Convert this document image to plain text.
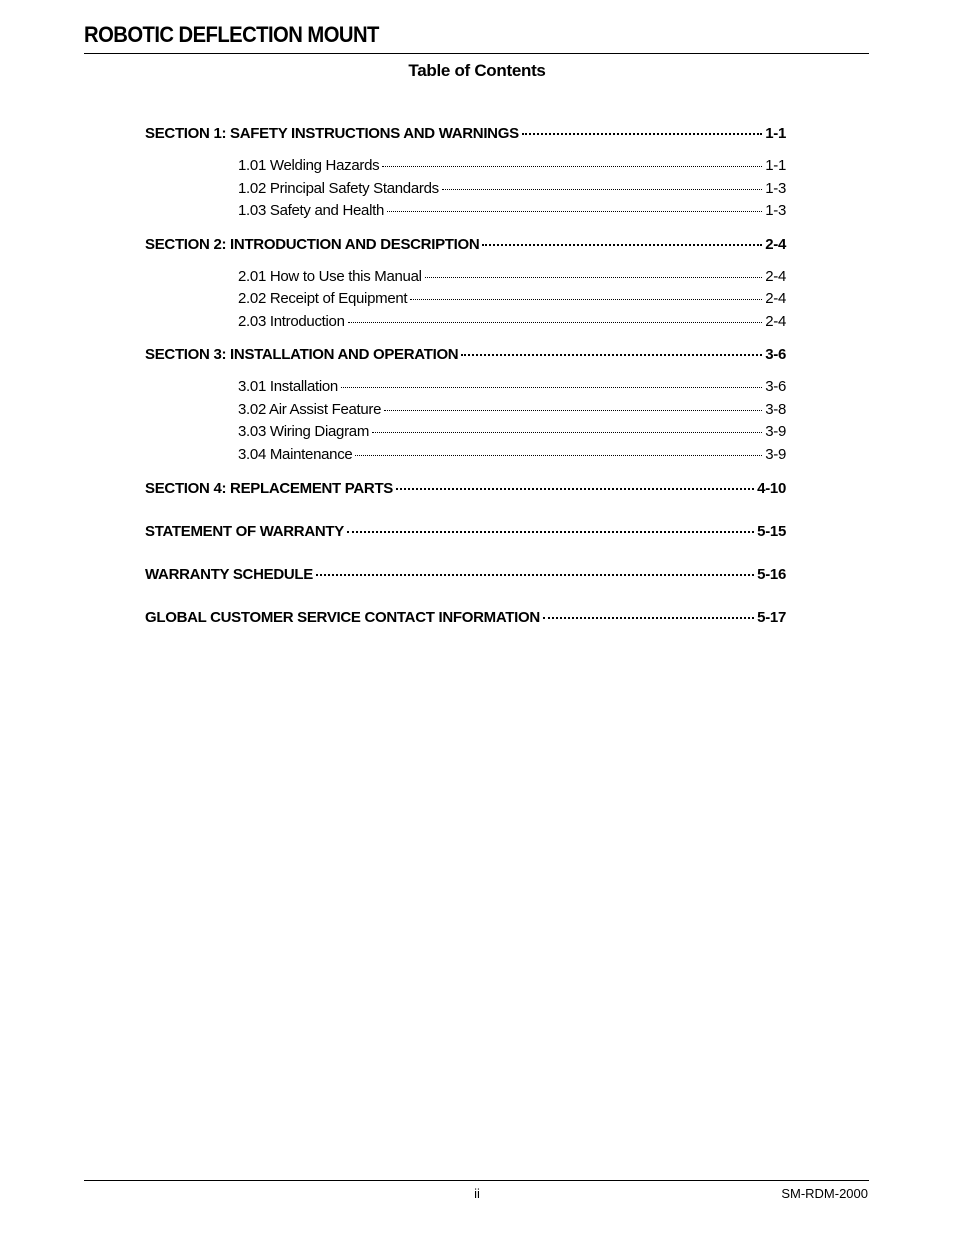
ROBOTIC DEFLECTION MOUNT
Table of Contents
SECTION 1: SAFETY INSTRUCTIONS AND WARNINGS	1-1
1.01 Welding Hazards	1-1
1.02 Principal Safety Standards	1-3
1.03 Safety and Health	1-3
SECTION 2: INTRODUCTION AND DESCRIPTION	2-4
2.01 How to Use this Manual	2-4
2.02 Receipt of Equipment	2-4
2.03 Introduction	2-4
SECTION 3: INSTALLATION AND OPERATION	3-6
3.01 Installation	3-6
3.02 Air Assist Feature	3-8
3.03 Wiring Diagram	3-9
3.04 Maintenance	3-9
SECTION 4: REPLACEMENT PARTS	4-10
STATEMENT OF WARRANTY	5-15
WARRANTY SCHEDULE	5-16
GLOBAL CUSTOMER SERVICE CONTACT INFORMATION	5-17
ii	SM-RDM-2000
